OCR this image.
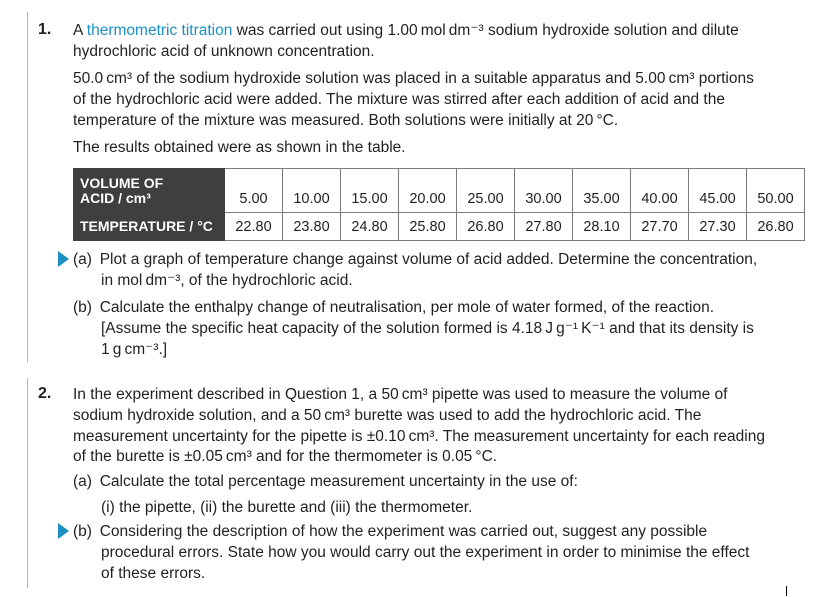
1. A thermometric titration was carried out using 1.00 mol dm⁻³ sodium hydroxide solution and dilute

hydrochloric acid of unknown concentration.

50.0 cm³ of the sodium hydroxide solution was placed in a suitable apparatus and 5.00 cm³ portions

of the hydrochloric acid were added. The mixture was stirred after each addition of acid and the

temperature of the mixture was measured. Both solutions were initially at 20 °C.

The results obtained were as shown in the table.
VOLUME OF
ACID / cm³	5.00	10.00	15.00	20.00	25.00	30.00	35.00	40.00	45.00	50.00
TEMPERATURE / °C	22.80	23.80	24.80	25.80	26.80	27.80	28.10	27.70	27.30	26.80
(a) Plot a graph of temperature change against volume of acid added. Determine the concentration,
in mol dm⁻³, of the hydrochloric acid.
(b) Calculate the enthalpy change of neutralisation, per mole of water formed, of the reaction.
[Assume the specific heat capacity of the solution formed is 4.18 J g⁻¹ K⁻¹ and that its density is
1 g cm⁻³.]
2. In the experiment described in Question 1, a 50 cm³ pipette was used to measure the volume of

sodium hydroxide solution, and a 50 cm³ burette was used to add the hydrochloric acid. The

measurement uncertainty for the pipette is ±0.10 cm³. The measurement uncertainty for each reading

of the burette is ±0.05 cm³ and for the thermometer is 0.05 °C.

(a) Calculate the total percentage measurement uncertainty in the use of:
(i) the pipette, (ii) the burette and (iii) the thermometer.
(b) Considering the description of how the experiment was carried out, suggest any possible
procedural errors. State how you would carry out the experiment in order to minimise the effect
of these errors.
